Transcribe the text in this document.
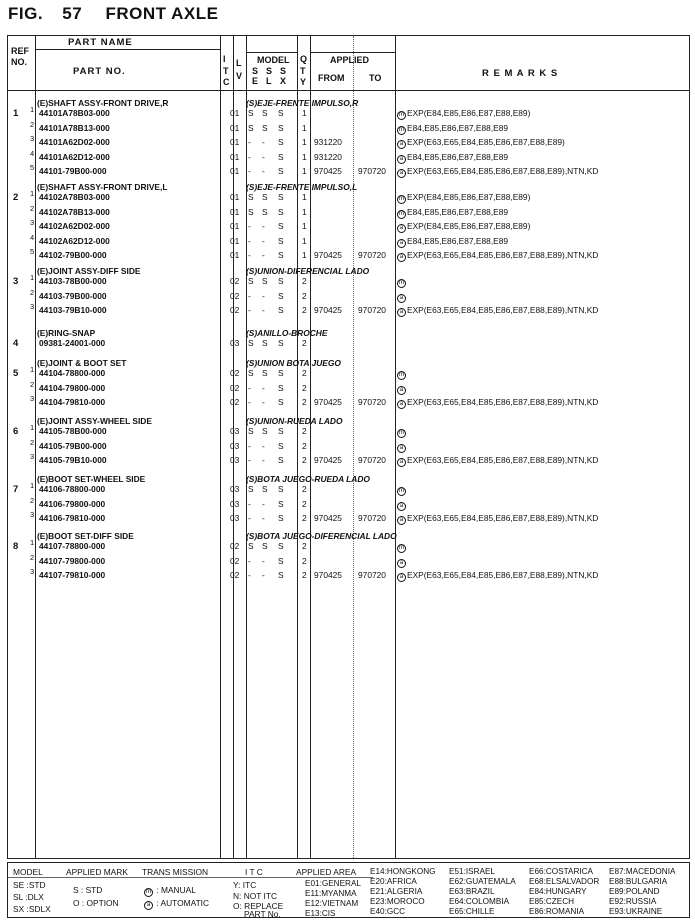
FIG. 57 FRONT AXLE
PART NAME
REF
NO.
PART NO.
I
T
C
L
V
MODEL
S
E
S
L
S
X
Q
T
Y
APPLIED
FROM	TO	R E M A R K S
1
(E)SHAFT ASSY-FRONT DRIVE,R	(S)EJE-FRENTE IMPULSO,R
1 44101A78B03-000	01 S S S 1	m EXP(E84,E85,E86,E87,E88,E89)
2 44101A78B13-000	01 S S S 1	m E84,E85,E86,E87,E88,E89
3 44101A62D02-000	01 - - S 1 931220	a EXP(E63,E65,E84,E85,E86,E87,E88,E89)
4 44101A62D12-000	01 - - S 1 931220	a E84,E85,E86,E87,E88,E89
5 44101-79B00-000	01 - - S 1 970425 970720	a EXP(E63,E65,E84,E85,E86,E87,E88,E89),NTN,KD
2
(E)SHAFT ASSY-FRONT DRIVE,L	(S)EJE-FRENTE IMPULSO,L
1 44102A78B03-000	01 S S S 1	m EXP(E84,E85,E86,E87,E88,E89)
2 44102A78B13-000	01 S S S 1	m E84,E85,E86,E87,E88,E89
3 44102A62D02-000	01 - - S 1	a EXP(E84,E85,E86,E87,E88,E89)
4 44102A62D12-000	01 - - S 1	a E84,E85,E86,E87,E88,E89
5 44102-79B00-000	01 - - S 1 970425 970720	a EXP(E63,E65,E84,E85,E86,E87,E88,E89),NTN,KD
3
(E)JOINT ASSY-DIFF SIDE	(S)UNION-DIFERENCIAL LADO
1 44103-78B00-000	02 S S S 2	m
2 44103-79B00-000	02 - - S 2	a
3 44103-79B10-000	02 - - S 2 970425 970720	a EXP(E63,E65,E84,E85,E86,E87,E88,E89),NTN,KD
4
(E)RING-SNAP	(S)ANILLO-BROCHE
09381-24001-000	03 S S S 2
5
(E)JOINT & BOOT SET	(S)UNION BOTA JUEGO
1 44104-78800-000	02 S S S 2	m
2 44104-79800-000	02 - - S 2	a
3 44104-79810-000	02 - - S 2 970425 970720	a EXP(E63,E65,E84,E85,E86,E87,E88,E89),NTN,KD
6
(E)JOINT ASSY-WHEEL SIDE	(S)UNION-RUEDA LADO
1 44105-78B00-000	03 S S S 2	m
2 44105-79B00-000	03 - - S 2	a
3 44105-79B10-000	03 - - S 2 970425 970720	a EXP(E63,E65,E84,E85,E86,E87,E88,E89),NTN,KD
7
(E)BOOT SET-WHEEL SIDE	(S)BOTA JUEGO-RUEDA LADO
1 44106-78800-000	03 S S S 2	m
2 44106-79800-000	03 - - S 2	a
3 44106-79810-000	03 - - S 2 970425 970720	a EXP(E63,E65,E84,E85,E86,E87,E88,E89),NTN,KD
8
(E)BOOT SET-DIFF SIDE	(S)BOTA JUEGO-DIFERENCIAL LADO
1 44107-78800-000	02 S S S 2	m
2 44107-79800-000	02 - - S 2	a
3 44107-79810-000	02 - - S 2 970425 970720	a EXP(E63,E65,E84,E85,E86,E87,E88,E89),NTN,KD
MODEL	APPLIED MARK TRANS MISSION	I T C	APPLIED AREA
SE :STD
SL :DLX
SX :SDLX
S : STD
O : OPTION
m : MANUAL
a : AUTOMATIC
Y: ITC
N: NOT ITC
O: REPLACE
PART No.
E01:GENERAL
E11:MYANMA
E12:VIETNAM
E13:CIS
E14:HONGKONG
E20:AFRICA
E21:ALGERIA
E23:MOROCO
E40:GCC
E51:ISRAEL
E62:GUATEMALA
E63:BRAZIL
E64:COLOMBIA
E65:CHILLE
E66:COSTARICA
E68:ELSALVADOR
E84:HUNGARY
E85:CZECH
E86:ROMANIA
E87:MACEDONIA
E88:BULGARIA
E89:POLAND
E92:RUSSIA
E93:UKRAINE
